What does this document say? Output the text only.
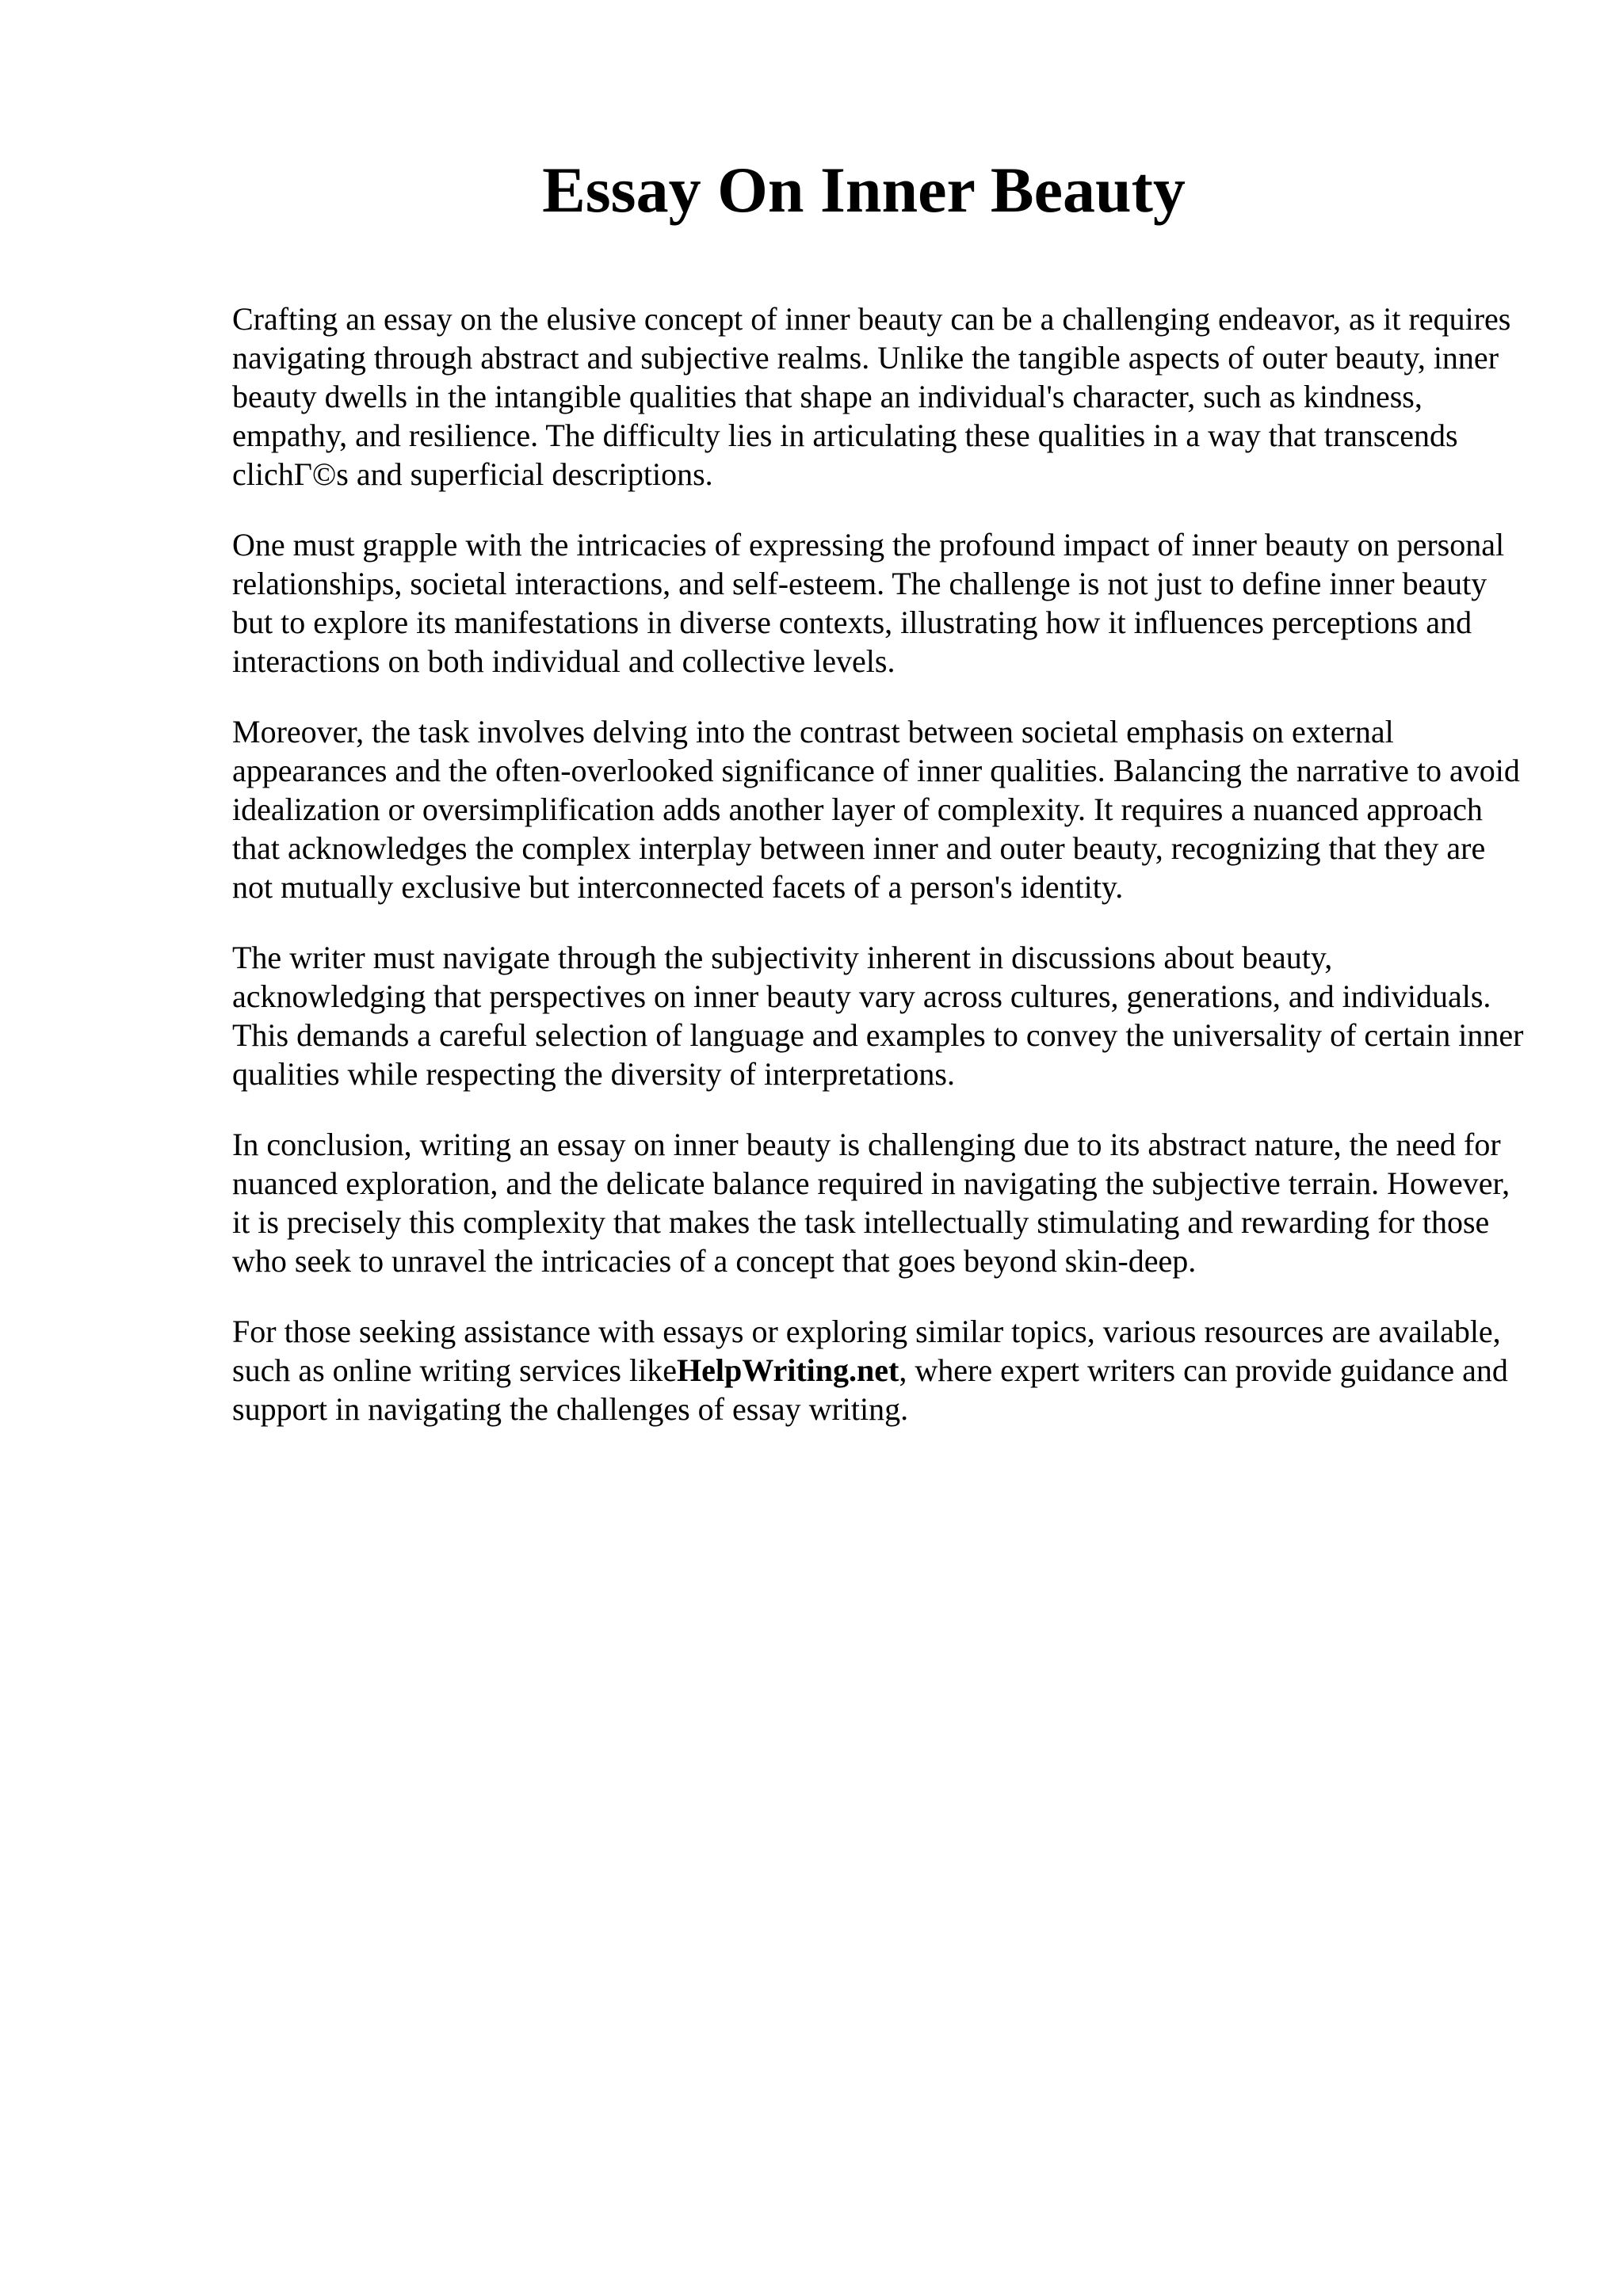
Essay On Inner Beauty

Crafting an essay on the elusive concept of inner beauty can be a challenging endeavor, as it requires navigating through abstract and subjective realms. Unlike the tangible aspects of outer beauty, inner beauty dwells in the intangible qualities that shape an individual's character, such as kindness, empathy, and resilience. The difficulty lies in articulating these qualities in a way that transcends clichΓ©s and superficial descriptions.

One must grapple with the intricacies of expressing the profound impact of inner beauty on personal relationships, societal interactions, and self-esteem. The challenge is not just to define inner beauty but to explore its manifestations in diverse contexts, illustrating how it influences perceptions and interactions on both individual and collective levels.

Moreover, the task involves delving into the contrast between societal emphasis on external appearances and the often-overlooked significance of inner qualities. Balancing the narrative to avoid idealization or oversimplification adds another layer of complexity. It requires a nuanced approach that acknowledges the complex interplay between inner and outer beauty, recognizing that they are not mutually exclusive but interconnected facets of a person's identity.

The writer must navigate through the subjectivity inherent in discussions about beauty, acknowledging that perspectives on inner beauty vary across cultures, generations, and individuals. This demands a careful selection of language and examples to convey the universality of certain inner qualities while respecting the diversity of interpretations.

In conclusion, writing an essay on inner beauty is challenging due to its abstract nature, the need for nuanced exploration, and the delicate balance required in navigating the subjective terrain. However, it is precisely this complexity that makes the task intellectually stimulating and rewarding for those who seek to unravel the intricacies of a concept that goes beyond skin-deep.

For those seeking assistance with essays or exploring similar topics, various resources are available, such as online writing services likeHelpWriting.net, where expert writers can provide guidance and support in navigating the challenges of essay writing.
